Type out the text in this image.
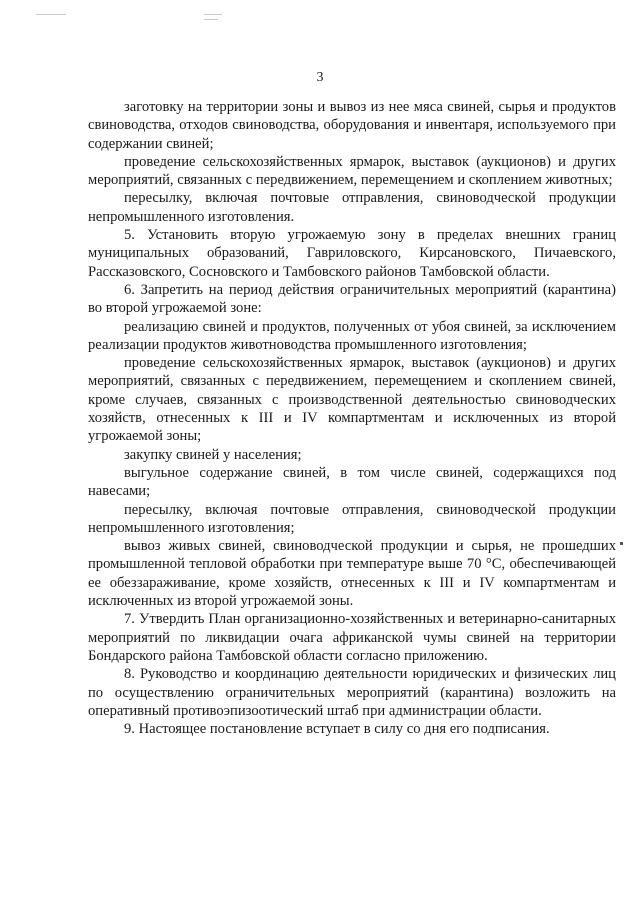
3

заготовку на территории зоны и вывоз из нее мяса свиней, сырья и продуктов свиноводства, отходов свиноводства, оборудования и инвентаря, используемого при содержании свиней;

проведение сельскохозяйственных ярмарок, выставок (аукционов) и других мероприятий, связанных с передвижением, перемещением и скоплением животных;

пересылку, включая почтовые отправления, свиноводческой продукции непромышленного изготовления.

5. Установить вторую угрожаемую зону в пределах внешних границ муниципальных образований, Гавриловского, Кирсановского, Пичаевского, Рассказовского, Сосновского и Тамбовского районов Тамбовской области.

6. Запретить на период действия ограничительных мероприятий (карантина) во второй угрожаемой зоне:

реализацию свиней и продуктов, полученных от убоя свиней, за исключением реализации продуктов животноводства промышленного изготовления;

проведение сельскохозяйственных ярмарок, выставок (аукционов) и других мероприятий, связанных с передвижением, перемещением и скоплением свиней, кроме случаев, связанных с производственной деятельностью свиноводческих хозяйств, отнесенных к III и IV компартментам и исключенных из второй угрожаемой зоны;

закупку свиней у населения;

выгульное содержание свиней, в том числе свиней, содержащихся под навесами;

пересылку, включая почтовые отправления, свиноводческой продукции непромышленного изготовления;

вывоз живых свиней, свиноводческой продукции и сырья, не прошедших промышленной тепловой обработки при температуре выше 70 °С, обеспечивающей ее обеззараживание, кроме хозяйств, отнесенных к III и IV компартментам и исключенных из второй угрожаемой зоны.

7. Утвердить План организационно-хозяйственных и ветеринарно-санитарных мероприятий по ликвидации очага африканской чумы свиней на территории Бондарского района Тамбовской области согласно приложению.

8. Руководство и координацию деятельности юридических и физических лиц по осуществлению ограничительных мероприятий (карантина) возложить на оперативный противоэпизоотический штаб при администрации области.

9. Настоящее постановление вступает в силу со дня его подписания.
